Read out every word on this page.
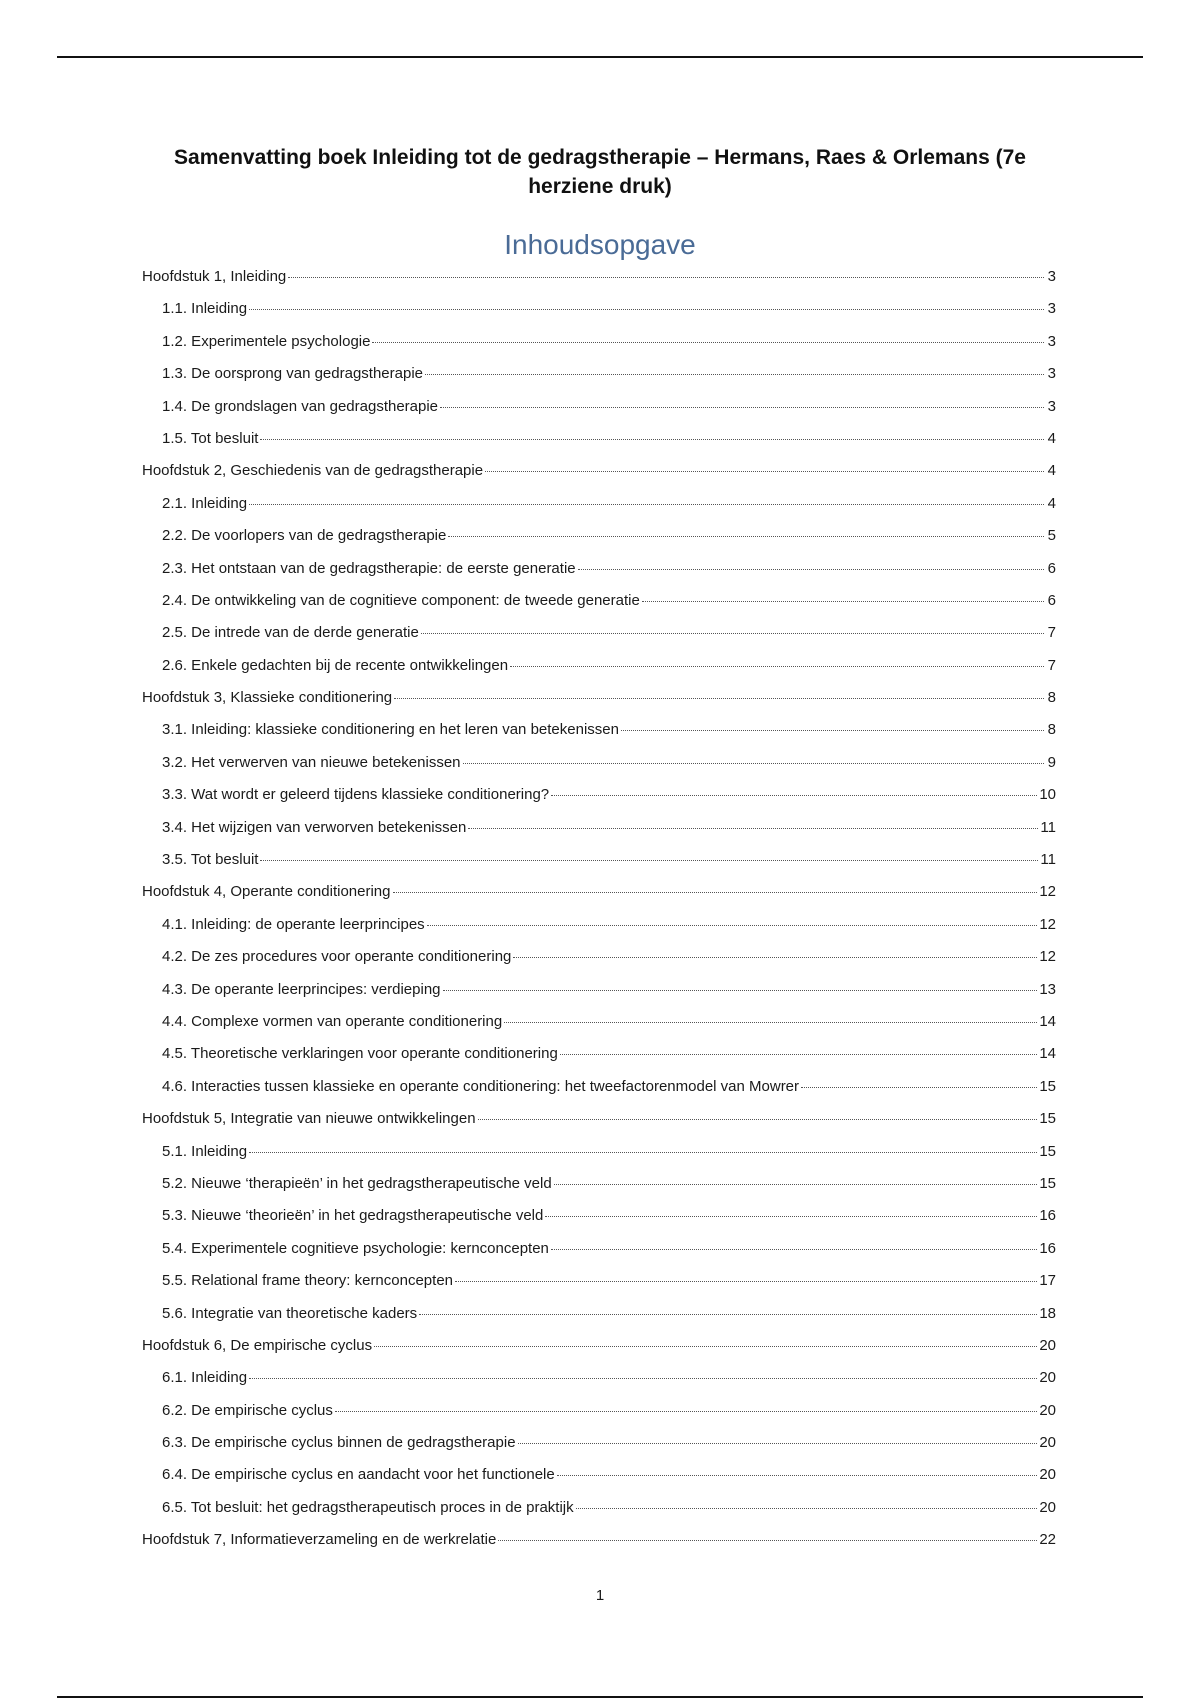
Samenvatting boek Inleiding tot de gedragstherapie – Hermans, Raes & Orlemans (7e herziene druk)
Inhoudsopgave
Hoofdstuk 1, Inleiding	3
1.1. Inleiding	3
1.2. Experimentele psychologie	3
1.3. De oorsprong van gedragstherapie	3
1.4. De grondslagen van gedragstherapie	3
1.5. Tot besluit	4
Hoofdstuk 2, Geschiedenis van de gedragstherapie	4
2.1. Inleiding	4
2.2. De voorlopers van de gedragstherapie	5
2.3. Het ontstaan van de gedragstherapie: de eerste generatie	6
2.4. De ontwikkeling van de cognitieve component: de tweede generatie	6
2.5. De intrede van de derde generatie	7
2.6. Enkele gedachten bij de recente ontwikkelingen	7
Hoofdstuk 3, Klassieke conditionering	8
3.1. Inleiding: klassieke conditionering en het leren van betekenissen	8
3.2. Het verwerven van nieuwe betekenissen	9
3.3. Wat wordt er geleerd tijdens klassieke conditionering?	10
3.4. Het wijzigen van verworven betekenissen	11
3.5. Tot besluit	11
Hoofdstuk 4, Operante conditionering	12
4.1. Inleiding: de operante leerprincipes	12
4.2. De zes procedures voor operante conditionering	12
4.3. De operante leerprincipes: verdieping	13
4.4. Complexe vormen van operante conditionering	14
4.5. Theoretische verklaringen voor operante conditionering	14
4.6. Interacties tussen klassieke en operante conditionering: het tweefactorenmodel van Mowrer	15
Hoofdstuk 5, Integratie van nieuwe ontwikkelingen	15
5.1. Inleiding	15
5.2. Nieuwe ‘therapieën’ in het gedragstherapeutische veld	15
5.3. Nieuwe ‘theorieën’ in het gedragstherapeutische veld	16
5.4. Experimentele cognitieve psychologie: kernconcepten	16
5.5. Relational frame theory: kernconcepten	17
5.6. Integratie van theoretische kaders	18
Hoofdstuk 6, De empirische cyclus	20
6.1. Inleiding	20
6.2. De empirische cyclus	20
6.3. De empirische cyclus binnen de gedragstherapie	20
6.4. De empirische cyclus en aandacht voor het functionele	20
6.5. Tot besluit: het gedragstherapeutisch proces in de praktijk	20
Hoofdstuk 7, Informatieverzameling en de werkrelatie	22
1
